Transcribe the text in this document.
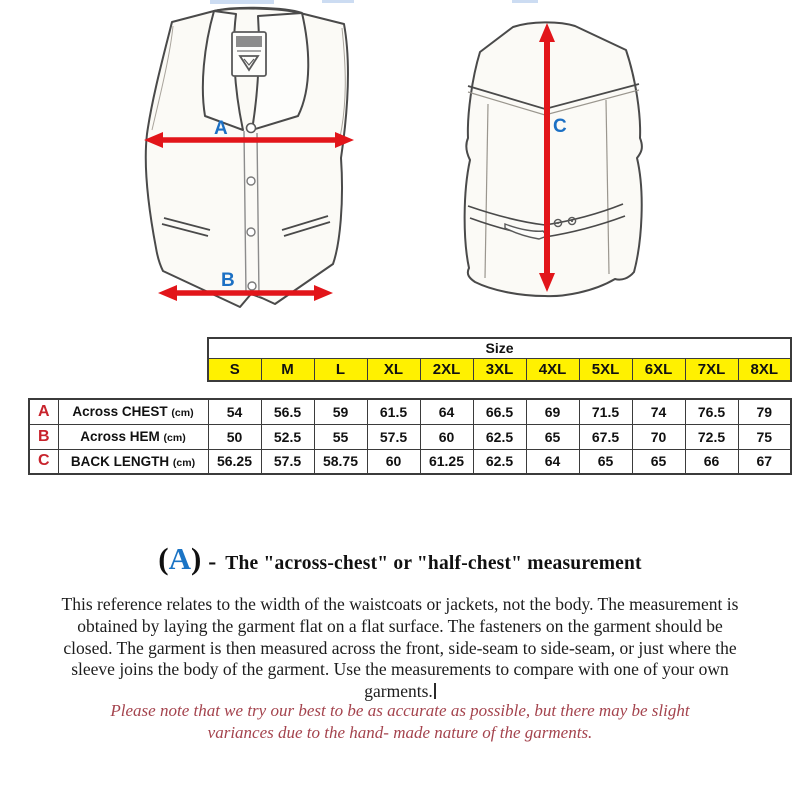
A
B
C
Size
S	M	L	XL	2XL	3XL	4XL	5XL	6XL	7XL	8XL
A	Across CHEST (cm)	54	56.5	59	61.5	64	66.5	69	71.5	74	76.5	79
B	Across HEM (cm)	50	52.5	55	57.5	60	62.5	65	67.5	70	72.5	75
C	BACK LENGTH (cm)	56.25	57.5	58.75	60	61.25	62.5	64	65	65	66	67
( A ) - The "across-chest" or "half-chest" measurement

This reference relates to the width of the waistcoats or jackets, not the body. The measurement is obtained by laying the garment flat on a flat surface. The fasteners on the garment should be closed. The garment is then measured across the front, side-seam to side-seam, or just where the sleeve joins the body of the garment. Use the measurements to compare with one of your own garments.

Please note that we try our best to be as accurate as possible, but there may be slight
variances due to the hand- made nature of the garments.
